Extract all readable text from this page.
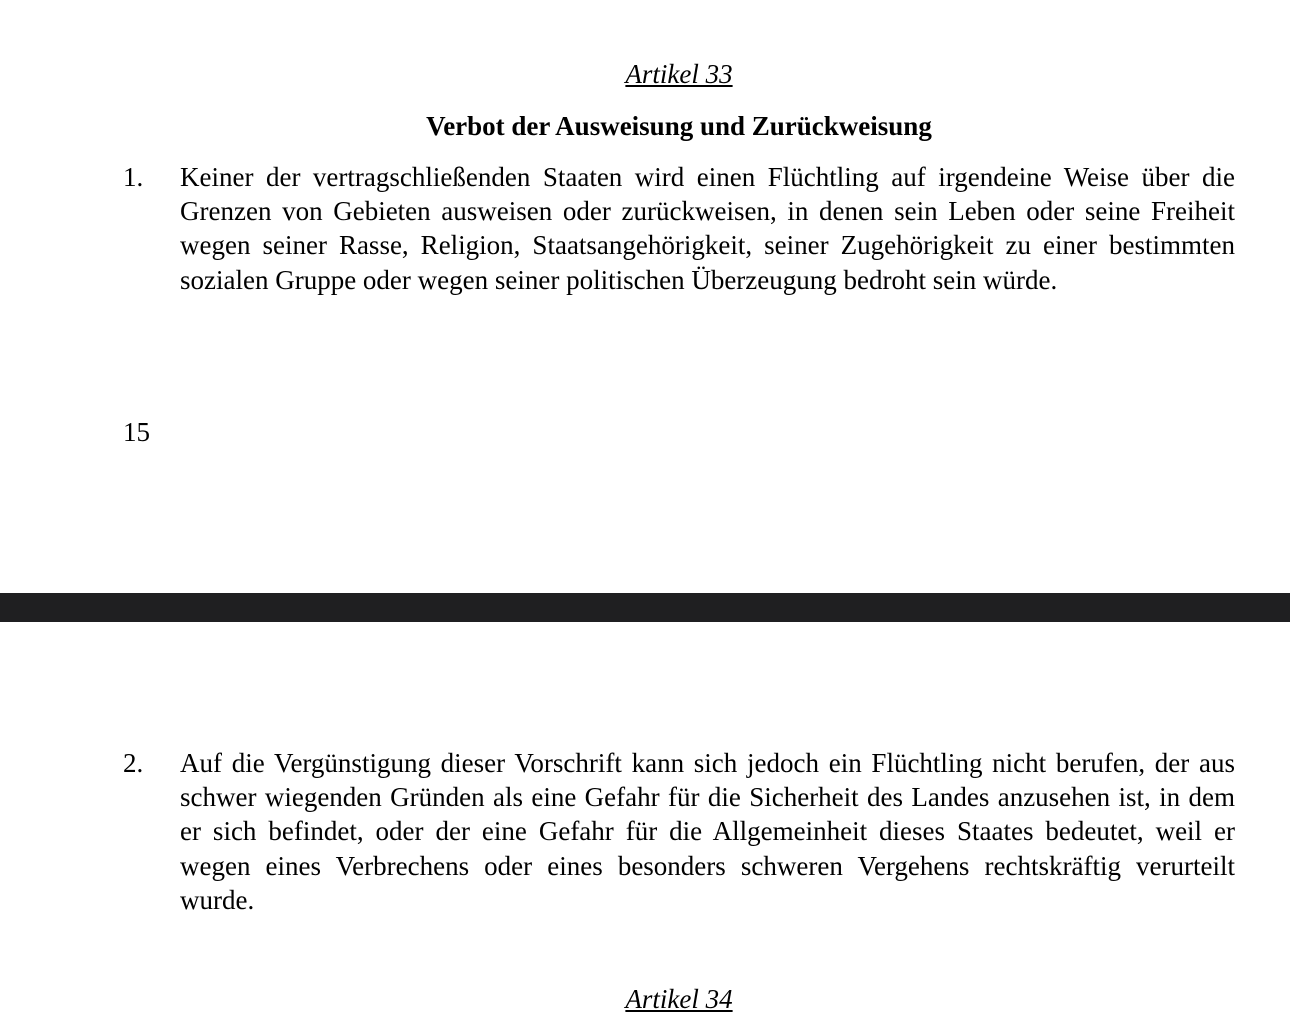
Artikel 33
Verbot der Ausweisung und Zurückweisung
1.	Keiner der vertragschließenden Staaten wird einen Flüchtling auf irgendeine Weise über die Grenzen von Gebieten ausweisen oder zurückweisen, in denen sein Leben oder seine Freiheit wegen seiner Rasse, Religion, Staatsangehörigkeit, seiner Zugehörigkeit zu einer bestimmten sozialen Gruppe oder wegen seiner politischen Überzeugung bedroht sein würde.
15
2.	Auf die Vergünstigung dieser Vorschrift kann sich jedoch ein Flüchtling nicht berufen, der aus schwer wiegenden Gründen als eine Gefahr für die Sicherheit des Landes anzusehen ist, in dem er sich befindet, oder der eine Gefahr für die Allgemeinheit dieses Staates bedeutet, weil er wegen eines Verbrechens oder eines besonders schweren Vergehens rechtskräftig verurteilt wurde.
Artikel 34
